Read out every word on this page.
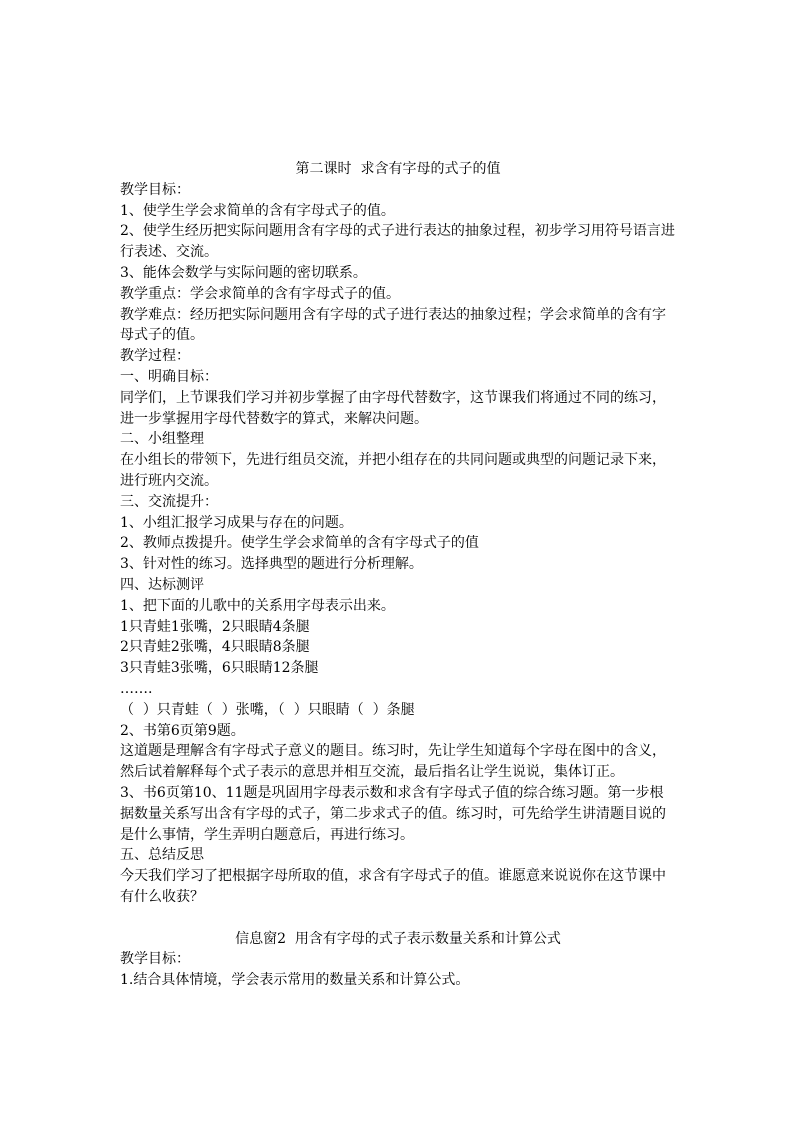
第二课时  求含有字母的式子的值

教学目标：

1、使学生学会求简单的含有字母式子的值。

2、使学生经历把实际问题用含有字母的式子进行表达的抽象过程，初步学习用符号语言进行表述、交流。

3、能体会数学与实际问题的密切联系。

教学重点：学会求简单的含有字母式子的值。

教学难点：经历把实际问题用含有字母的式子进行表达的抽象过程；学会求简单的含有字母式子的值。

教学过程：

一、明确目标：

同学们，上节课我们学习并初步掌握了由字母代替数字，这节课我们将通过不同的练习，进一步掌握用字母代替数字的算式，来解决问题。

二、小组整理

在小组长的带领下，先进行组员交流，并把小组存在的共同问题或典型的问题记录下来，进行班内交流。

三、交流提升：

1、小组汇报学习成果与存在的问题。

2、教师点拨提升。使学生学会求简单的含有字母式子的值

3、针对性的练习。选择典型的题进行分析理解。

四、达标测评

1、把下面的儿歌中的关系用字母表示出来。

1只青蛙1张嘴，2只眼睛4条腿

2只青蛙2张嘴，4只眼睛8条腿

3只青蛙3张嘴，6只眼睛12条腿

…….

（  ）只青蛙（  ）张嘴，（  ）只眼睛（  ）条腿

2、书第6页第9题。

这道题是理解含有字母式子意义的题目。练习时，先让学生知道每个字母在图中的含义，然后试着解释每个式子表示的意思并相互交流，最后指名让学生说说，集体订正。

3、书6页第10、11题是巩固用字母表示数和求含有字母式子值的综合练习题。第一步根据数量关系写出含有字母的式子，第二步求式子的值。练习时，可先给学生讲清题目说的是什么事情，学生弄明白题意后，再进行练习。

五、总结反思

今天我们学习了把根据字母所取的值，求含有字母式子的值。谁愿意来说说你在这节课中有什么收获？

信息窗2  用含有字母的式子表示数量关系和计算公式

教学目标：

1.结合具体情境，学会表示常用的数量关系和计算公式。
